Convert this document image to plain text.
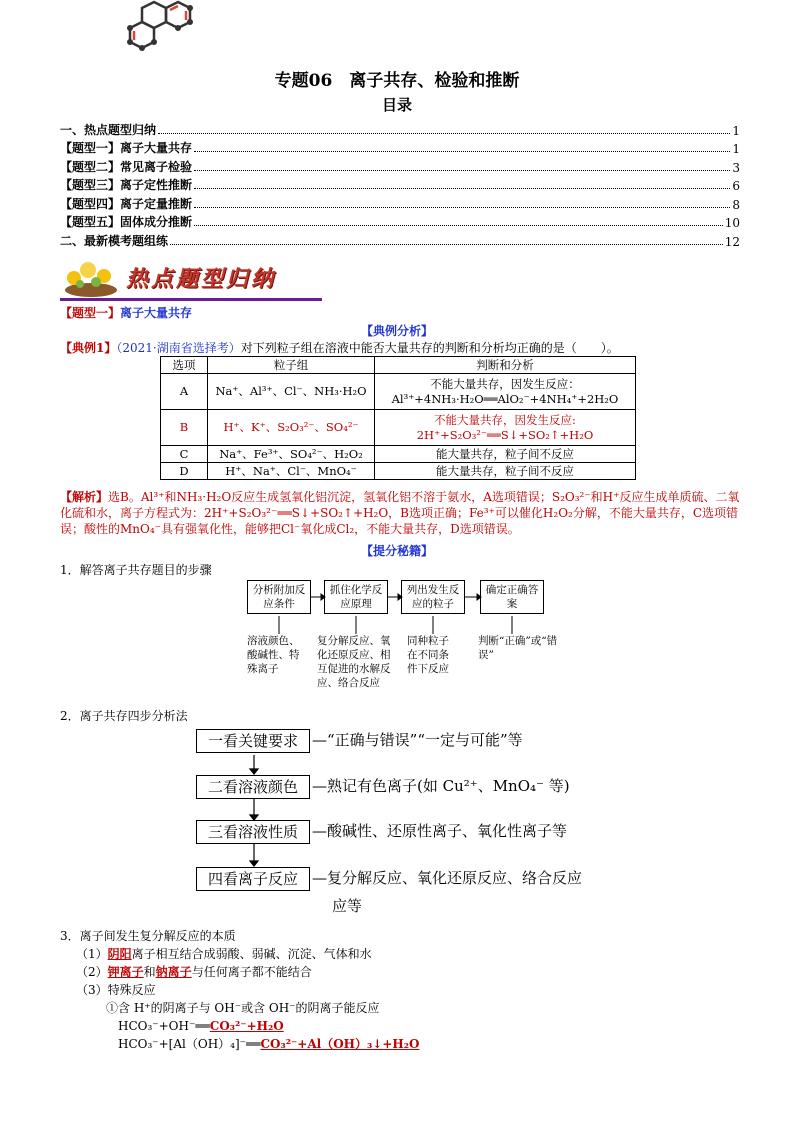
专题06　离子共存、检验和推断
目录
一、热点题型归纳	1
【题型一】离子大量共存	1
【题型二】常见离子检验	3
【题型三】离子定性推断	6
【题型四】离子定量推断	8
【题型五】固体成分推断	10
二、最新模考题组练	12
热点题型归纳
【题型一】离子大量共存
【典例分析】
【典例1】（2021·湖南省选择考）对下列粒子组在溶液中能否大量共存的判断和分析均正确的是（　　）。
选项	粒子组	判断和分析
A	Na⁺、Al³⁺、Cl⁻、NH₃·H₂O	不能大量共存，因发生反应：Al³⁺+4NH₃·H₂O══AlO₂⁻+4NH₄⁺+2H₂O
B	H⁺、K⁺、S₂O₃²⁻、SO₄²⁻	不能大量共存，因发生反应: 2H⁺+S₂O₃²⁻══S↓+SO₂↑+H₂O
C	Na⁺、Fe³⁺、SO₄²⁻、H₂O₂	能大量共存，粒子间不反应
D	H⁺、Na⁺、Cl⁻、MnO₄⁻	能大量共存，粒子间不反应
【解析】选B。Al³⁺和NH₃·H₂O反应生成氢氧化铝沉淀，氢氧化铝不溶于氨水，A选项错误；S₂O₃²⁻和H⁺反应生成单质硫、二氧化硫和水，离子方程式为：2H⁺+S₂O₃²⁻══S↓+SO₂↑+H₂O，B选项正确；Fe³⁺可以催化H₂O₂分解，不能大量共存，C选项错误；酸性的MnO₄⁻具有强氧化性，能够把Cl⁻氧化成Cl₂，不能大量共存，D选项错误。
【提分秘籍】
1．解答离子共存题目的步骤
分析附加反应条件
抓住化学反应原理
列出发生反应的粒子
确定正确答案
溶液颜色、酸碱性、特殊离子
复分解反应、氧化还原反应、相互促进的水解反应、络合反应
同种粒子在不同条件下反应
判断“正确”或“错误”
2．离子共存四步分析法
一看关键要求 —“正确与错误”“一定与可能”等
二看溶液颜色 —熟记有色离子(如 Cu²⁺、MnO₄⁻ 等)
三看溶液性质 —酸碱性、还原性离子、氧化性离子等
四看离子反应 —复分解反应、氧化还原反应、络合反应
应等
3．离子间发生复分解反应的本质
（1）阴阳离子相互结合成弱酸、弱碱、沉淀、气体和水
（2）钾离子和钠离子与任何离子都不能结合
（3）特殊反应
①含 H⁺的阴离子与 OH⁻或含 OH⁻的阴离子能反应
HCO₃⁻+OH⁻══CO₃²⁻+H₂O
HCO₃⁻+[Al（OH）₄]⁻══CO₃²⁻+Al（OH）₃↓+H₂O
